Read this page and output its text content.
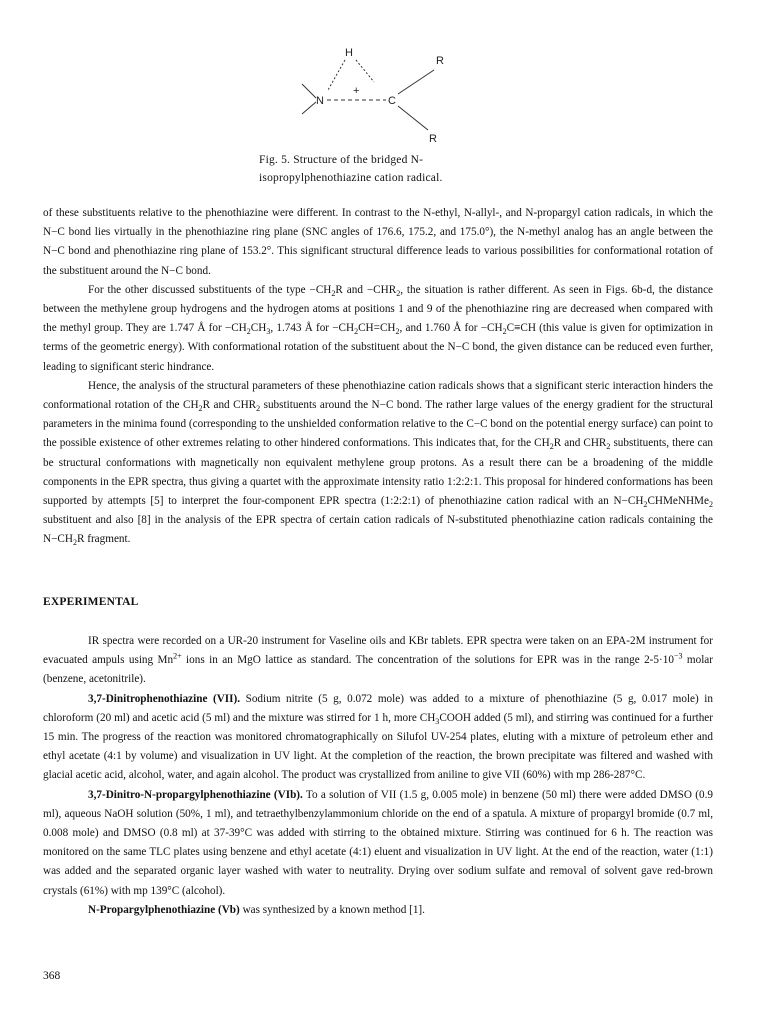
H
R
N
+
C
R
Fig. 5. Structure of the bridged N-
isopropylphenothiazine cation radical.

of these substituents relative to the phenothiazine were different. In contrast to the N-ethyl, N-allyl-, and N-propargyl cation radicals, in which the N−C bond lies virtually in the phenothiazine ring plane (SNC angles of 176.6, 175.2, and 175.0°), the N-methyl analog has an angle between the N−C bond and phenothiazine ring plane of 153.2°. This significant structural difference leads to various possibilities for conformational rotation of the substituent around the N−C bond.

For the other discussed substituents of the type $-CH_2R$ and $-CHR_2$, the situation is rather different. As seen in Figs. 6b-d, the distance between the methylene group hydrogens and the hydrogen atoms at positions 1 and 9 of the phenothiazine ring are decreased when compared with the methyl group. They are 1.747 Å for $-CH_2CH_3$, 1.743 Å for $-CH_2CH=CH_2$, and 1.760 Å for $-CH_2C\equiv CH$ (this value is given for optimization in terms of the geometric energy). With conformational rotation of the substituent about the N−C bond, the given distance can be reduced even further, leading to significant steric hindrance.

Hence, the analysis of the structural parameters of these phenothiazine cation radicals shows that a significant steric interaction hinders the conformational rotation of the $CH_2R$ and $CHR_2$ substituents around the N−C bond. The rather large values of the energy gradient for the structural parameters in the minima found (corresponding to the unshielded conformation relative to the C−C bond on the potential energy surface) can point to the possible existence of other extremes relating to other hindered conformations. This indicates that, for the $CH_2R$ and $CHR_2$ substituents, there can be structural conformations with magnetically non equivalent methylene group protons. As a result there can be a broadening of the middle components in the EPR spectra, thus giving a quartet with the approximate intensity ratio 1:2:2:1. This proposal for hindered conformations has been supported by attempts [5] to interpret the four-component EPR spectra (1:2:2:1) of phenothiazine cation radical with an $N-CH_2CHMeNHMe_2$ substituent and also [8] in the analysis of the EPR spectra of certain cation radicals of N-substituted phenothiazine cation radicals containing the $N-CH_2R$ fragment.

EXPERIMENTAL

IR spectra were recorded on a UR-20 instrument for Vaseline oils and KBr tablets. EPR spectra were taken on an EPA-2M instrument for evacuated ampuls using $Mn^{2+}$ ions in an MgO lattice as standard. The concentration of the solutions for EPR was in the range $2-5\cdot 10^{-3}$ molar (benzene, acetonitrile).

3,7-Dinitrophenothiazine (VII). Sodium nitrite (5 g, 0.072 mole) was added to a mixture of phenothiazine (5 g, 0.017 mole) in chloroform (20 ml) and acetic acid (5 ml) and the mixture was stirred for 1 h, more $CH_3COOH$ added (5 ml), and stirring was continued for a further 15 min. The progress of the reaction was monitored chromatographically on Silufol UV-254 plates, eluting with a mixture of petroleum ether and ethyl acetate (4:1 by volume) and visualization in UV light. At the completion of the reaction, the brown precipitate was filtered and washed with glacial acetic acid, alcohol, water, and again alcohol. The product was crystallized from aniline to give VII (60%) with mp 286-287°C.

3,7-Dinitro-N-propargylphenothiazine (VIb). To a solution of VII (1.5 g, 0.005 mole) in benzene (50 ml) there were added DMSO (0.9 ml), aqueous NaOH solution (50%, 1 ml), and tetraethylbenzylammonium chloride on the end of a spatula. A mixture of propargyl bromide (0.7 ml, 0.008 mole) and DMSO (0.8 ml) at 37-39°C was added with stirring to the obtained mixture. Stirring was continued for 6 h. The reaction was monitored on the same TLC plates using benzene and ethyl acetate (4:1) eluent and visualization in UV light. At the end of the reaction, water (1:1) was added and the separated organic layer washed with water to neutrality. Drying over sodium sulfate and removal of solvent gave red-brown crystals (61%) with mp 139°C (alcohol).

N-Propargylphenothiazine (Vb) was synthesized by a known method [1].

368
